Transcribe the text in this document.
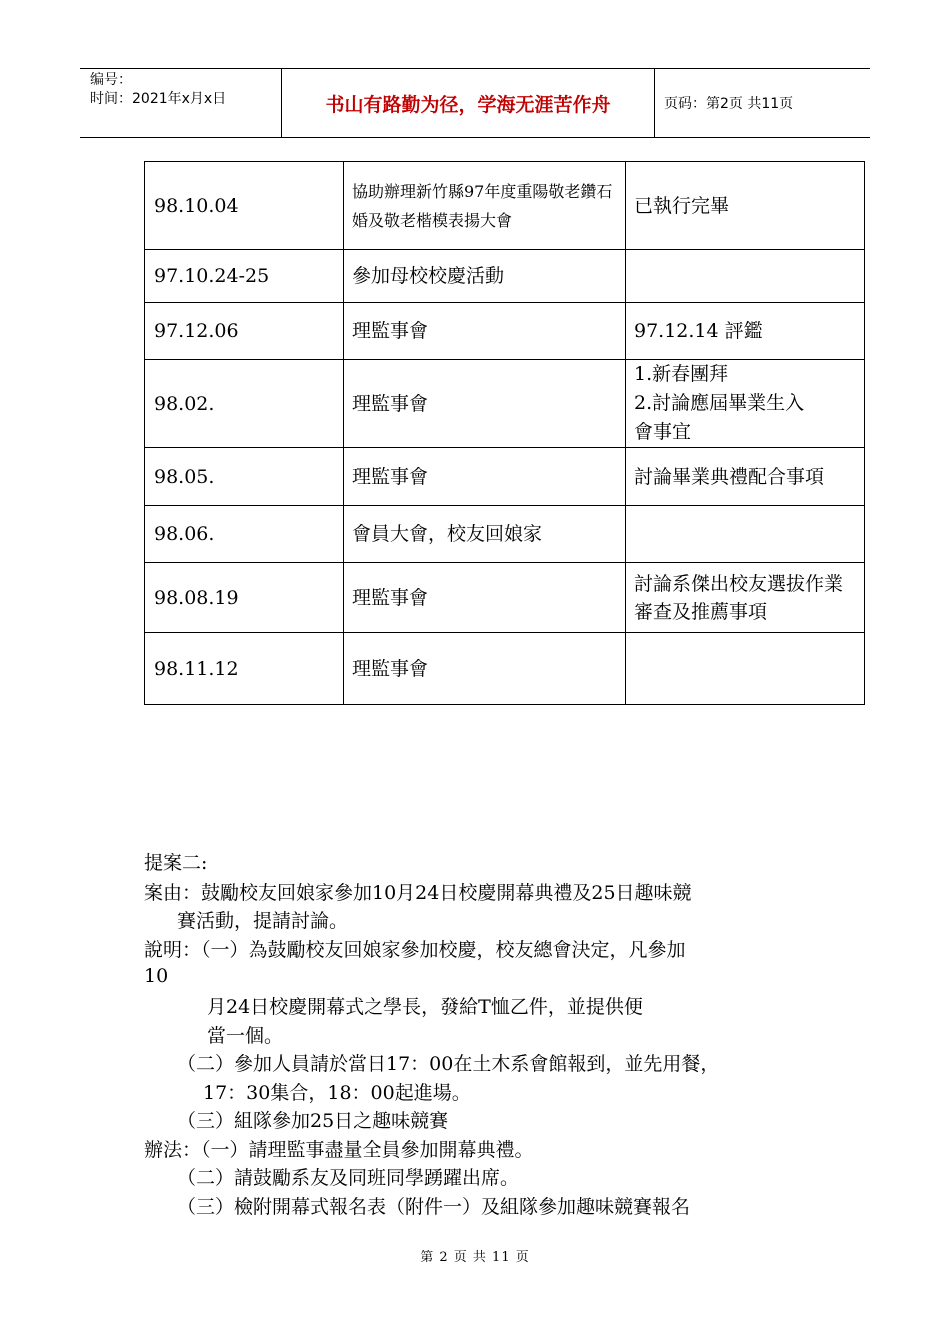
编号：
时间：2021年x月x日	书山有路勤为径，学海无涯苦作舟	页码：第2页 共11页
98.10.04	協助辦理新竹縣97年度重陽敬老鑽石婚及敬老楷模表揚大會	已執行完畢
97.10.24-25	參加母校校慶活動	
97.12.06	理監事會	97.12.14 評鑑
98.02.	理監事會	1.新春團拜
2.討論應屆畢業生入
會事宜
98.05.	理監事會	討論畢業典禮配合事項
98.06.	會員大會，校友回娘家	
98.08.19	理監事會	討論系傑出校友選拔作業審查及推薦事項
98.11.12	理監事會	
提案二:
案由：鼓勵校友回娘家參加10月24日校慶開幕典禮及25日趣味競
賽活動，提請討論。
說明：（一）為鼓勵校友回娘家參加校慶，校友總會決定，凡參加
10
月24日校慶開幕式之學長，發給T恤乙件，並提供便
當一個。
（二）參加人員請於當日17：00在土木系會館報到，並先用餐，
17：30集合，18：00起進場。
（三）組隊參加25日之趣味競賽
辦法：（一）請理監事盡量全員參加開幕典禮。
（二）請鼓勵系友及同班同學踴躍出席。
（三）檢附開幕式報名表（附件一）及組隊參加趣味競賽報名
第 2 页 共 11 页
